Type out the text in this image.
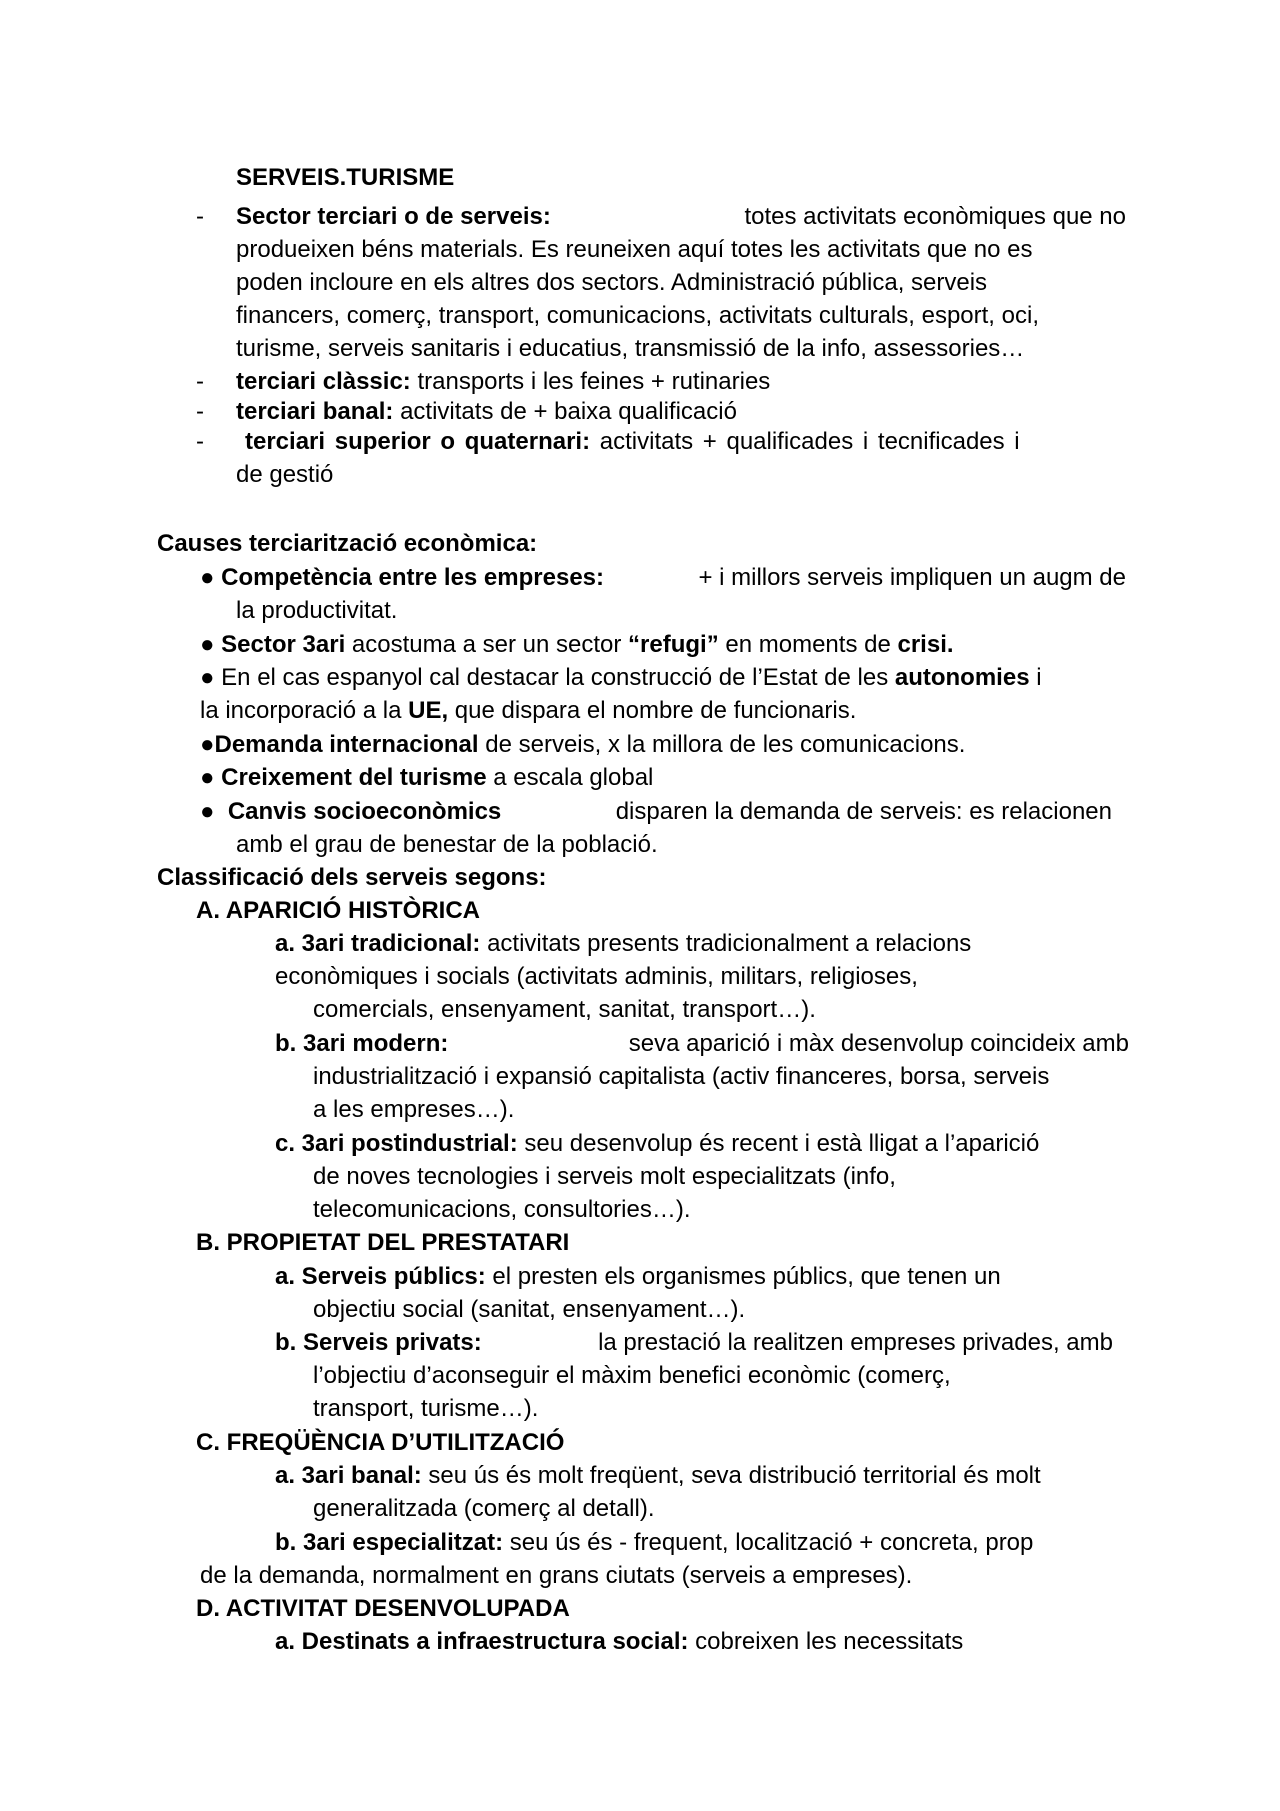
SERVEIS.TURISME
- Sector terciari o de serveis:	totes activitats econòmiques que no
produeixen béns materials. Es reuneixen aquí totes les activitats que no es
poden incloure en els altres dos sectors. Administració pública, serveis
financers, comerç, transport, comunicacions, activitats culturals, esport, oci,
turisme, serveis sanitaris i educatius, transmissió de la info, assessories…
- terciari clàssic: transports i les feines + rutinaries
- terciari banal: activitats de + baixa qualificació
- terciari superior o quaternari: activitats + qualificades i tecnificades i
de gestió
Causes terciarització econòmica:
● Competència entre les empreses:	+ i millors serveis impliquen un augm de
la productivitat.
● Sector 3ari acostuma a ser un sector “refugi” en moments de crisi.
● En el cas espanyol cal destacar la construcció de l’Estat de les autonomies i
la incorporació a la UE, que dispara el nombre de funcionaris.
●Demanda internacional de serveis, x la millora de les comunicacions.
● Creixement del turisme a escala global
● Canvis socioeconòmics	disparen la demanda de serveis: es relacionen
amb el grau de benestar de la població.
Classificació dels serveis segons:
A. APARICIÓ HISTÒRICA
a. 3ari tradicional: activitats presents tradicionalment a relacions
econòmiques i socials (activitats adminis, militars, religioses,
comercials, ensenyament, sanitat, transport…).
b. 3ari modern:	seva aparició i màx desenvolup coincideix amb
industrialització i expansió capitalista (activ financeres, borsa, serveis
a les empreses…).
c. 3ari postindustrial: seu desenvolup és recent i està lligat a l’aparició
de noves tecnologies i serveis molt especialitzats (info,
telecomunicacions, consultories…).
B. PROPIETAT DEL PRESTATARI
a. Serveis públics: el presten els organismes públics, que tenen un
objectiu social (sanitat, ensenyament…).
b. Serveis privats:	la prestació la realitzen empreses privades, amb
l’objectiu d’aconseguir el màxim benefici econòmic (comerç,
transport, turisme…).
C. FREQÜÈNCIA D’UTILITZACIÓ
a. 3ari banal: seu ús és molt freqüent, seva distribució territorial és molt
generalitzada (comerç al detall).
b. 3ari especialitzat: seu ús és - frequent, localització + concreta, prop
de la demanda, normalment en grans ciutats (serveis a empreses).
D. ACTIVITAT DESENVOLUPADA
a. Destinats a infraestructura social: cobreixen les necessitats
